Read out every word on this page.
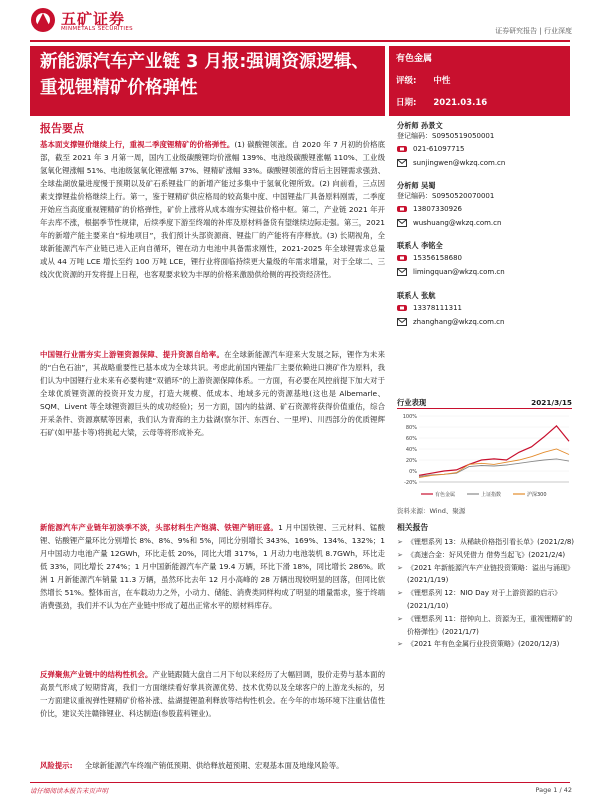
五矿证券
MINMETALS SECURITIES	证券研究报告 | 行业深度
新能源汽车产业链 3 月报:强调资源逻辑、重视锂精矿价格弹性
有色金属
评级: 中性
日期: 2021.03.16
报告要点
基本面支撑锂价继续上行，重视二季度锂精矿的价格弹性。(1) 碳酸锂领涨。自 2020 年 7 月初的价格底部，截至 2021 年 3 月第一周，国内工业级碳酸锂均价涨幅 139%、电池级碳酸锂涨幅 110%、工业级氢氧化锂涨幅 51%、电池级氢氧化锂涨幅 37%、锂精矿涨幅 33%。碳酸锂领涨的背后主因锂需求强劲、全球盐湖放量进度慢于预期以及矿石系锂盐厂的新增产能过多集中于氢氧化锂所致。(2) 向前看，三点因素支撑锂盐价格继续上行。第一，鉴于锂精矿供应格局的较高集中度、中国锂盐厂具备原料刚需，二季度开始应当高度重视锂精矿的价格弹性，矿价上涨将从成本端夯实锂盐价格中枢。第二，产业链 2021 年开年去库不涨，根据季节性规律，后续季度下游至终端的补库及原材料备货有望继续边际走强。第三，2021 年的新增产能主要来自“棕地项目”，我们预计头部资源商、锂盐厂的产能将有序释放。(3) 长期视角，全球新能源汽车产业链已进入正向自循环，锂在动力电池中具备需求刚性，2021-2025 年全球锂需求总量或从 44 万吨 LCE 增长至约 100 万吨 LCE，锂行业将面临持续更大量级的年需求增量，对于全球二、三线次优资源的开发将提上日程，也客观要求较为丰厚的价格来激励供给侧的再投资经济性。
中国锂行业需夯实上游锂资源保障、提升资源自给率。在全球新能源汽车迎来大发展之际，锂作为未来的“白色石油”，其战略重要性已基本成为全球共识。考虑此前国内锂盐厂主要依赖进口澳矿作为原料，我们认为中国锂行业未来有必要构建“双循环”的上游资源保障体系。一方面，有必要在风控前提下加大对于全球优质锂资源的投资开发力度，打造大规模、低成本、地域多元的资源基地(这也是 Albemarle、SQM、Livent 等全球锂资源巨头的成功经验)；另一方面，国内的盐湖、矿石资源将获得价值重估，综合开采条件、资源禀赋等因素，我们认为青海的主力盐湖(察尔汗、东西台、一里坪)、川西部分的优质锂辉石矿(如甲基卡等)将挑起大梁，云母等将形成补充。
新能源汽车产业链年初淡季不淡，头部材料生产饱满、铁锂产销旺盛。1 月中国铁锂、三元材料、锰酸锂、钴酸锂产量环比分别增长 8%、8%、9%和 5%，同比分别增长 343%、169%、134%、132%；1 月中国动力电池产量 12GWh，环比走低 20%，同比大增 317%，1 月动力电池装机 8.7GWh，环比走低 33%，同比增长 274%；1 月中国新能源汽车产量 19.4 万辆，环比下滑 18%，同比增长 286%。欧洲 1 月新能源汽车销量 11.3 万辆，虽然环比去年 12 月小高峰的 28 万辆出现较明显的回落，但同比依然增长 51%。整体而言，在车载动力之外，小动力、储能、消费类同样构成了明显的增量需求，鉴于终端消费强劲，我们并不认为在产业链中形成了超出正常水平的原材料库存。
反弹聚焦产业链中的结构性机会。产业链跟随大盘自二月下旬以来经历了大幅回调，股价走势与基本面的高景气形成了短期背离，我们一方面继续看好掌具资源优势、技术优势以及全球客户的上游龙头标的，另一方面建议重视弹性锂精矿价格补涨、盐湖提锂盈利释放等结构性机会。在今年的市场环境下注重估值性价比，建议关注赣锋锂业、科达制造(参股蓝科锂业)。
风险提示: 全球新能源汽车终端产销低预期、供给释放超预期、宏观基本面及地缘风险等。
分析师 孙景文
登记编码：S0950519050001
021-61097715
sunjingwen@wkzq.com.cn
分析师 吴蜀
登记编码：S0950520070001
13807330926
wushuang@wkzq.com.cn
联系人 李铭全
15356158680
limingquan@wkzq.com.cn
联系人 张航
13378111311
zhanghang@wkzq.com.cn
行业表现	2021/3/15
100%
80%
60%
40%
20%
0%
-20%
有色金属	上证指数	沪深300
资料来源：Wind、聚源
相关报告
➢ 《锂想系列 13：从稀缺价格指引看长单》(2021/2/8)
➢ 《高速合金：好风凭借力 借势当起飞》(2021/2/4)
➢ 《2021 年新能源汽车产业链投资策略：溢出与涌现》(2021/1/19)
➢ 《锂想系列 12：NIO Day 对于上游资源的启示》(2021/1/10)
➢ 《锂想系列 11：搭钟向上、资源为王，重视锂精矿的价格弹性》(2021/1/7)
➢ 《2021 年有色金属行业投资策略》(2020/12/3)
请仔细阅读本报告末页声明	Page 1 / 42
